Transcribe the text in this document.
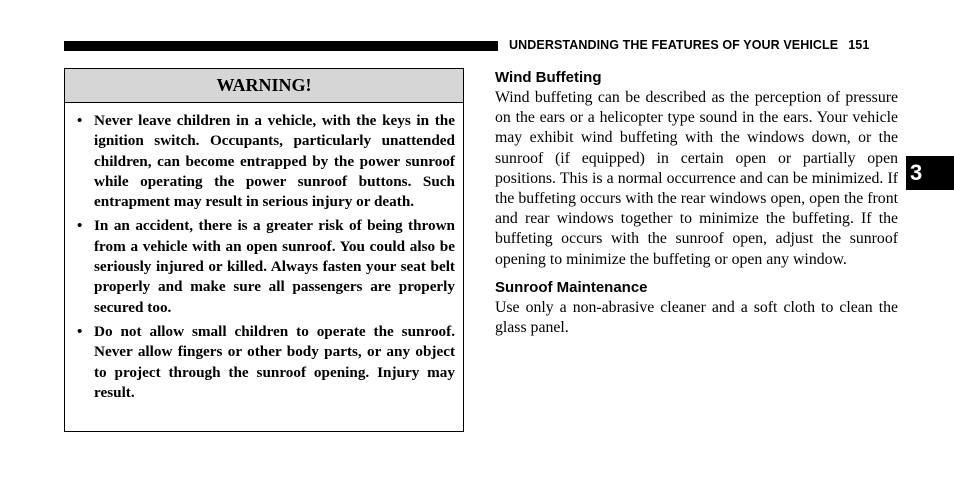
UNDERSTANDING THE FEATURES OF YOUR VEHICLE 151
WARNING!
• Never leave children in a vehicle, with the keys in the ignition switch. Occupants, particularly unattended children, can become entrapped by the power sunroof while operating the power sunroof buttons. Such entrapment may result in serious injury or death.
• In an accident, there is a greater risk of being thrown from a vehicle with an open sunroof. You could also be seriously injured or killed. Always fasten your seat belt properly and make sure all passengers are properly secured too.
• Do not allow small children to operate the sunroof. Never allow fingers or other body parts, or any object to project through the sunroof opening. Injury may result.
Wind Buffeting

Wind buffeting can be described as the perception of pressure on the ears or a helicopter type sound in the ears. Your vehicle may exhibit wind buffeting with the windows down, or the sunroof (if equipped) in certain open or partially open positions. This is a normal occurrence and can be minimized. If the buffeting occurs with the rear windows open, open the front and rear windows together to minimize the buffeting. If the buffeting occurs with the sunroof open, adjust the sunroof opening to minimize the buffeting or open any window.

Sunroof Maintenance

Use only a non-abrasive cleaner and a soft cloth to clean the glass panel.

3
